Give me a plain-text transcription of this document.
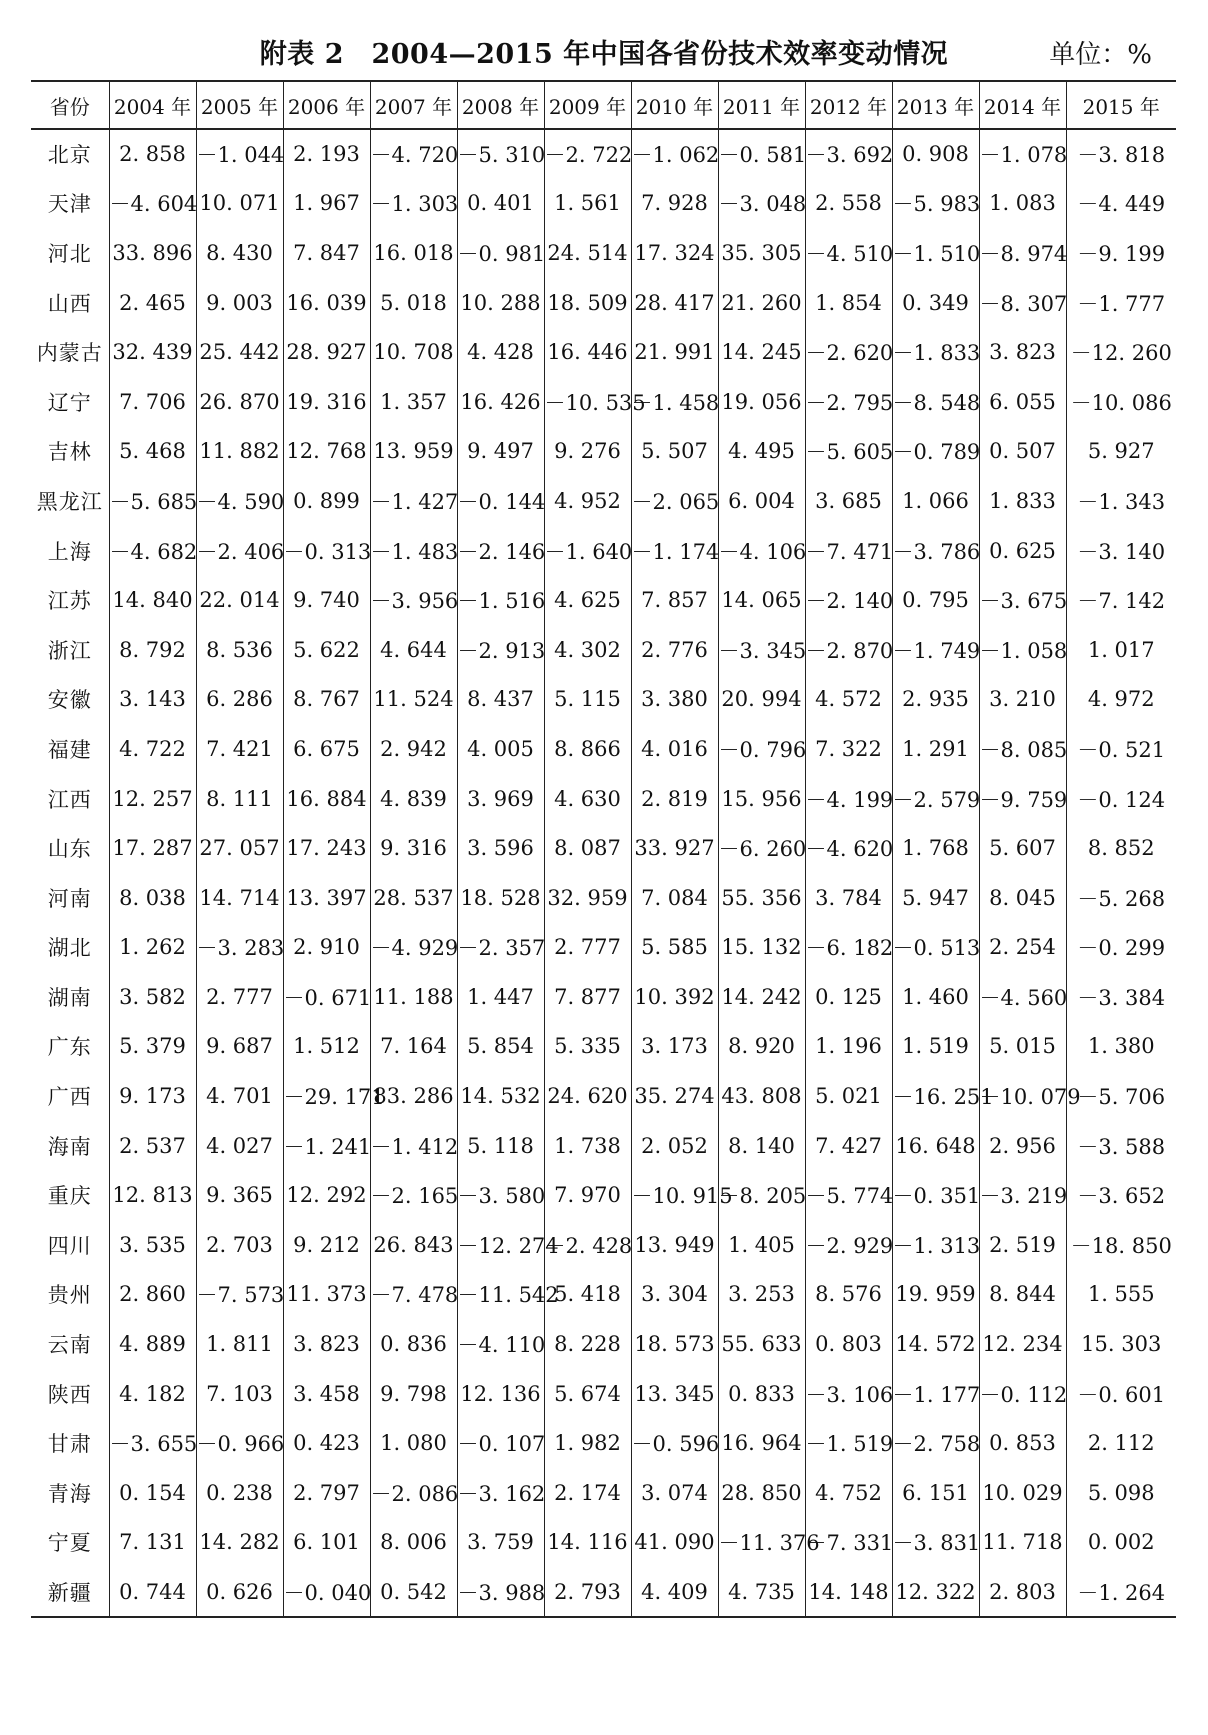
附表 2　2004—2015 年中国各省份技术效率变动情况	单位：%
省份	2004 年	2005 年	2006 年	2007 年	2008 年	2009 年	2010 年	2011 年	2012 年	2013 年	2014 年	2015 年
北京	2. 858	－1. 044	2. 193	－4. 720	－5. 310	－2. 722	－1. 062	－0. 581	－3. 692	0. 908	－1. 078	－3. 818
天津	－4. 604	10. 071	1. 967	－1. 303	0. 401	1. 561	7. 928	－3. 048	2. 558	－5. 983	1. 083	－4. 449
河北	33. 896	8. 430	7. 847	16. 018	－0. 981	24. 514	17. 324	35. 305	－4. 510	－1. 510	－8. 974	－9. 199
山西	2. 465	9. 003	16. 039	5. 018	10. 288	18. 509	28. 417	21. 260	1. 854	0. 349	－8. 307	－1. 777
内蒙古	32. 439	25. 442	28. 927	10. 708	4. 428	16. 446	21. 991	14. 245	－2. 620	－1. 833	3. 823	－12. 260
辽宁	7. 706	26. 870	19. 316	1. 357	16. 426	－10. 535	－1. 458	19. 056	－2. 795	－8. 548	6. 055	－10. 086
吉林	5. 468	11. 882	12. 768	13. 959	9. 497	9. 276	5. 507	4. 495	－5. 605	－0. 789	0. 507	5. 927
黑龙江	－5. 685	－4. 590	0. 899	－1. 427	－0. 144	4. 952	－2. 065	6. 004	3. 685	1. 066	1. 833	－1. 343
上海	－4. 682	－2. 406	－0. 313	－1. 483	－2. 146	－1. 640	－1. 174	－4. 106	－7. 471	－3. 786	0. 625	－3. 140
江苏	14. 840	22. 014	9. 740	－3. 956	－1. 516	4. 625	7. 857	14. 065	－2. 140	0. 795	－3. 675	－7. 142
浙江	8. 792	8. 536	5. 622	4. 644	－2. 913	4. 302	2. 776	－3. 345	－2. 870	－1. 749	－1. 058	1. 017
安徽	3. 143	6. 286	8. 767	11. 524	8. 437	5. 115	3. 380	20. 994	4. 572	2. 935	3. 210	4. 972
福建	4. 722	7. 421	6. 675	2. 942	4. 005	8. 866	4. 016	－0. 796	7. 322	1. 291	－8. 085	－0. 521
江西	12. 257	8. 111	16. 884	4. 839	3. 969	4. 630	2. 819	15. 956	－4. 199	－2. 579	－9. 759	－0. 124
山东	17. 287	27. 057	17. 243	9. 316	3. 596	8. 087	33. 927	－6. 260	－4. 620	1. 768	5. 607	8. 852
河南	8. 038	14. 714	13. 397	28. 537	18. 528	32. 959	7. 084	55. 356	3. 784	5. 947	8. 045	－5. 268
湖北	1. 262	－3. 283	2. 910	－4. 929	－2. 357	2. 777	5. 585	15. 132	－6. 182	－0. 513	2. 254	－0. 299
湖南	3. 582	2. 777	－0. 671	11. 188	1. 447	7. 877	10. 392	14. 242	0. 125	1. 460	－4. 560	－3. 384
广东	5. 379	9. 687	1. 512	7. 164	5. 854	5. 335	3. 173	8. 920	1. 196	1. 519	5. 015	1. 380
广西	9. 173	4. 701	－29. 171	83. 286	14. 532	24. 620	35. 274	43. 808	5. 021	－16. 251	－10. 079	－5. 706
海南	2. 537	4. 027	－1. 241	－1. 412	5. 118	1. 738	2. 052	8. 140	7. 427	16. 648	2. 956	－3. 588
重庆	12. 813	9. 365	12. 292	－2. 165	－3. 580	7. 970	－10. 915	－8. 205	－5. 774	－0. 351	－3. 219	－3. 652
四川	3. 535	2. 703	9. 212	26. 843	－12. 274	－2. 428	13. 949	1. 405	－2. 929	－1. 313	2. 519	－18. 850
贵州	2. 860	－7. 573	11. 373	－7. 478	－11. 542	5. 418	3. 304	3. 253	8. 576	19. 959	8. 844	1. 555
云南	4. 889	1. 811	3. 823	0. 836	－4. 110	8. 228	18. 573	55. 633	0. 803	14. 572	12. 234	15. 303
陕西	4. 182	7. 103	3. 458	9. 798	12. 136	5. 674	13. 345	0. 833	－3. 106	－1. 177	－0. 112	－0. 601
甘肃	－3. 655	－0. 966	0. 423	1. 080	－0. 107	1. 982	－0. 596	16. 964	－1. 519	－2. 758	0. 853	2. 112
青海	0. 154	0. 238	2. 797	－2. 086	－3. 162	2. 174	3. 074	28. 850	4. 752	6. 151	10. 029	5. 098
宁夏	7. 131	14. 282	6. 101	8. 006	3. 759	14. 116	41. 090	－11. 376	－7. 331	－3. 831	11. 718	0. 002
新疆	0. 744	0. 626	－0. 040	0. 542	－3. 988	2. 793	4. 409	4. 735	14. 148	12. 322	2. 803	－1. 264
